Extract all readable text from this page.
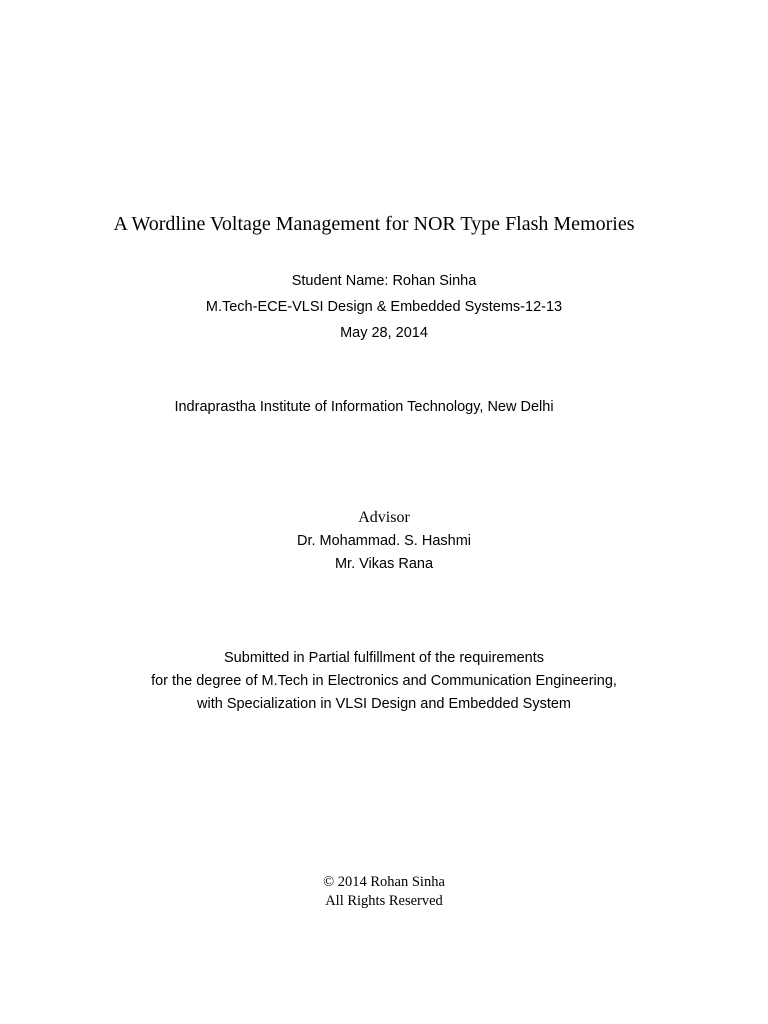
A Wordline Voltage Management for NOR Type Flash Memories

Student Name: Rohan Sinha

M.Tech-ECE-VLSI Design & Embedded Systems-12-13

May 28, 2014

Indraprastha Institute of Information Technology, New Delhi

Advisor

Dr. Mohammad. S. Hashmi

Mr. Vikas Rana

Submitted in Partial fulfillment of the requirements

for the degree of M.Tech in Electronics and Communication Engineering,

with Specialization in VLSI Design and Embedded System

© 2014 Rohan Sinha

All Rights Reserved
